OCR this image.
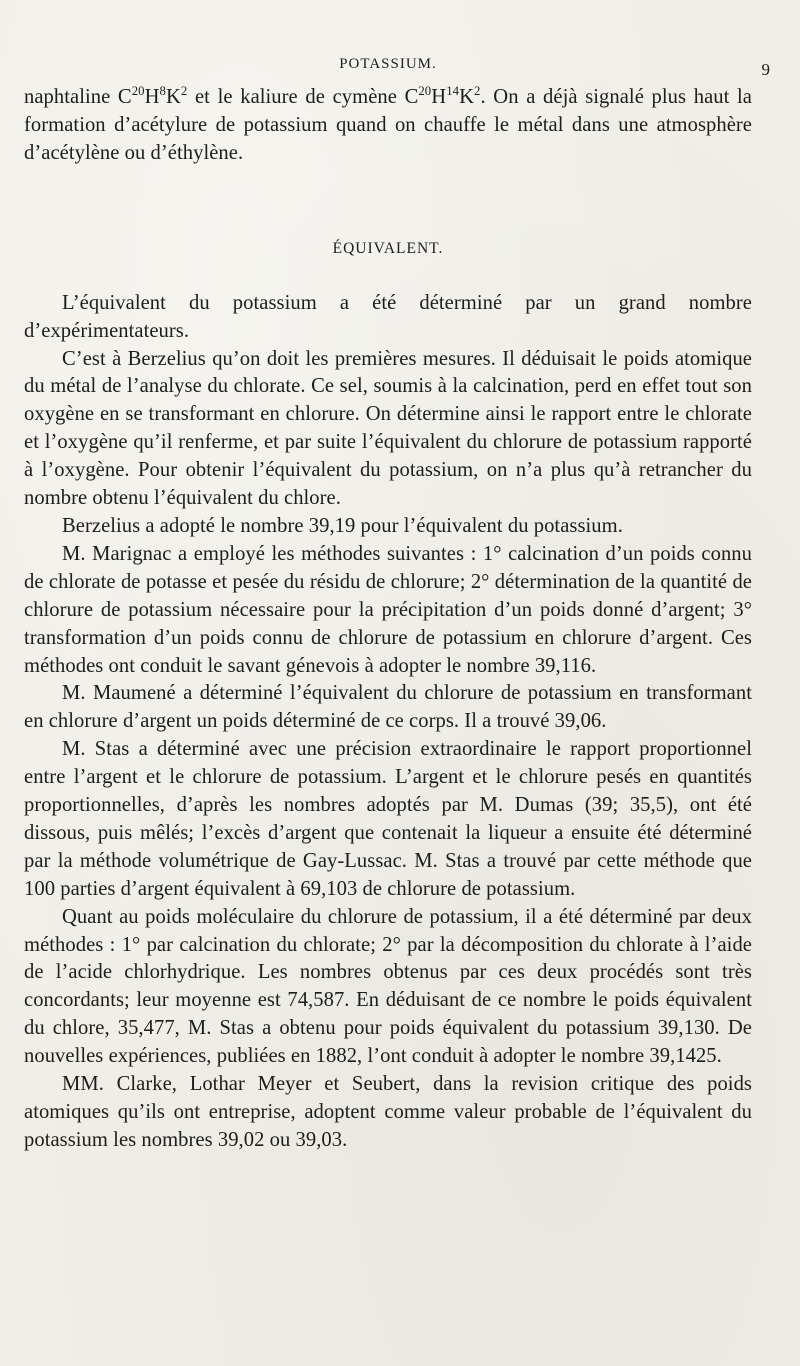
POTASSIUM.	9

naphtaline $C^{20}H^8K^2$ et le kaliure de cymène $C^{20}H^{14}K^2$. On a déjà signalé plus haut la formation d’acétylure de potassium quand on chauffe le métal dans une atmosphère d’acétylène ou d’éthylène.

ÉQUIVALENT.

L’équivalent du potassium a été déterminé par un grand nombre d’expérimentateurs.

C’est à Berzelius qu’on doit les premières mesures. Il déduisait le poids atomique du métal de l’analyse du chlorate. Ce sel, soumis à la calcination, perd en effet tout son oxygène en se transformant en chlorure. On détermine ainsi le rapport entre le chlorate et l’oxygène qu’il renferme, et par suite l’équivalent du chlorure de potassium rapporté à l’oxygène. Pour obtenir l’équivalent du potassium, on n’a plus qu’à retrancher du nombre obtenu l’équivalent du chlore.

Berzelius a adopté le nombre 39,19 pour l’équivalent du potassium.

M. Marignac a employé les méthodes suivantes : 1° calcination d’un poids connu de chlorate de potasse et pesée du résidu de chlorure; 2° détermination de la quantité de chlorure de potassium nécessaire pour la précipitation d’un poids donné d’argent; 3° transformation d’un poids connu de chlorure de potassium en chlorure d’argent. Ces méthodes ont conduit le savant génevois à adopter le nombre 39,116.

M. Maumené a déterminé l’équivalent du chlorure de potassium en transformant en chlorure d’argent un poids déterminé de ce corps. Il a trouvé 39,06.

M. Stas a déterminé avec une précision extraordinaire le rapport proportionnel entre l’argent et le chlorure de potassium. L’argent et le chlorure pesés en quantités proportionnelles, d’après les nombres adoptés par M. Dumas (39; 35,5), ont été dissous, puis mêlés; l’excès d’argent que contenait la liqueur a ensuite été déterminé par la méthode volumétrique de Gay-Lussac. M. Stas a trouvé par cette méthode que 100 parties d’argent équivalent à 69,103 de chlorure de potassium.

Quant au poids moléculaire du chlorure de potassium, il a été déterminé par deux méthodes : 1° par calcination du chlorate; 2° par la décomposition du chlorate à l’aide de l’acide chlorhydrique. Les nombres obtenus par ces deux procédés sont très concordants; leur moyenne est 74,587. En déduisant de ce nombre le poids équivalent du chlore, 35,477, M. Stas a obtenu pour poids équivalent du potassium 39,130. De nouvelles expériences, publiées en 1882, l’ont conduit à adopter le nombre 39,1425.

MM. Clarke, Lothar Meyer et Seubert, dans la revision critique des poids atomiques qu’ils ont entreprise, adoptent comme valeur probable de l’équivalent du potassium les nombres 39,02 ou 39,03.
